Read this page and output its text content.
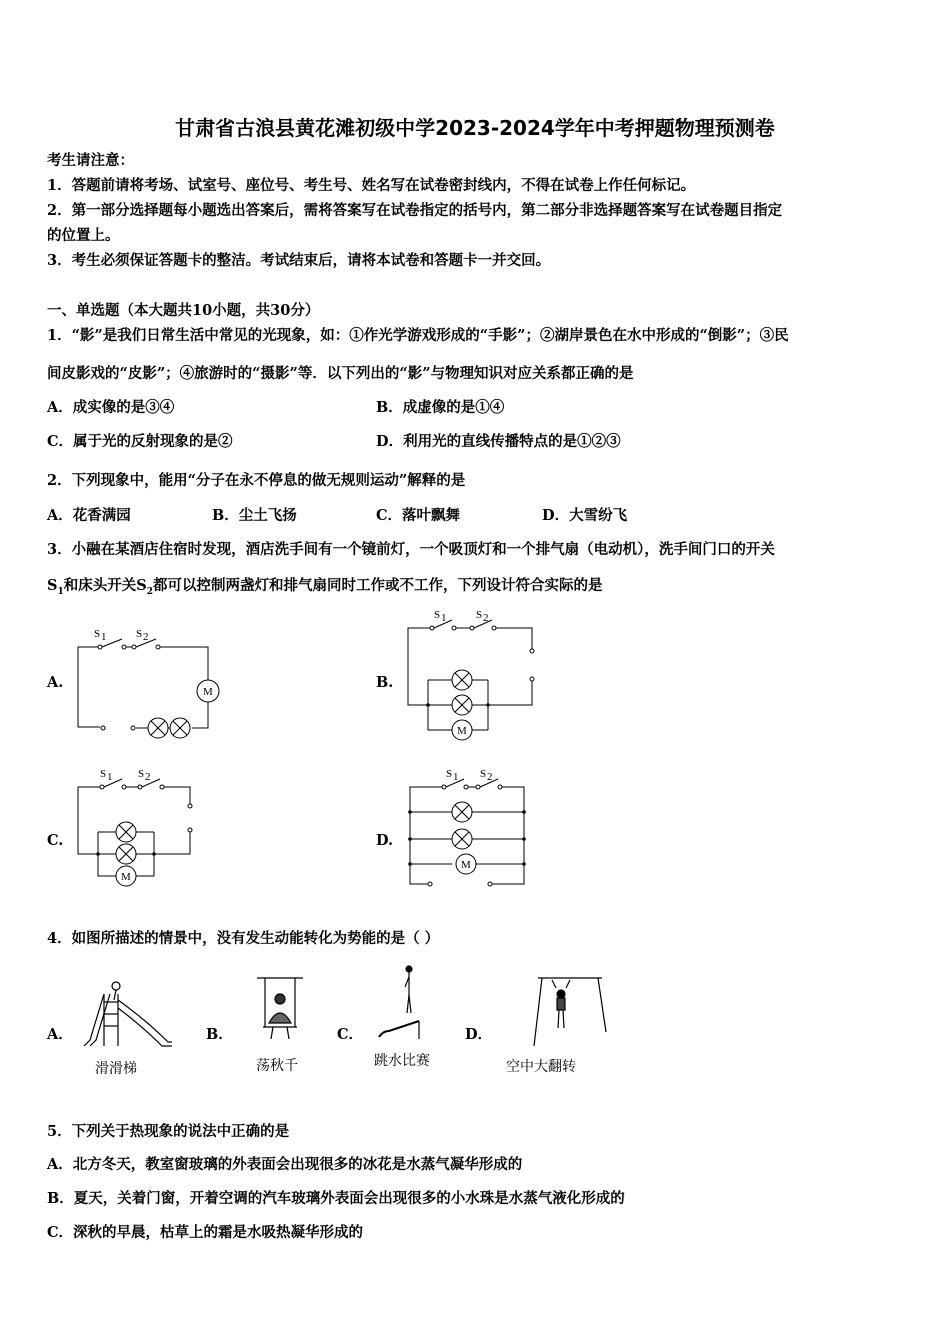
甘肃省古浪县黄花滩初级中学2023-2024学年中考押题物理预测卷
考生请注意：
1．答题前请将考场、试室号、座位号、考生号、姓名写在试卷密封线内，不得在试卷上作任何标记。
2．第一部分选择题每小题选出答案后，需将答案写在试卷指定的括号内，第二部分非选择题答案写在试卷题目指定
的位置上。
3．考生必须保证答题卡的整洁。考试结束后，请将本试卷和答题卡一并交回。
一、单选题（本大题共10小题，共30分）
1．“影”是我们日常生活中常见的光现象，如：①作光学游戏形成的“手影”；②湖岸景色在水中形成的“倒影”；③民
间皮影戏的“皮影”；④旅游时的“摄影”等．以下列出的“影”与物理知识对应关系都正确的是
A．成实像的是③④	B．成虚像的是①④
C．属于光的反射现象的是②	D．利用光的直线传播特点的是①②③
2．下列现象中，能用“分子在永不停息的做无规则运动”解释的是
A．花香满园	B．尘土飞扬	C．落叶飘舞	D．大雪纷飞
3．小融在某酒店住宿时发现，酒店洗手间有一个镜前灯，一个吸顶灯和一个排气扇（电动机），洗手间门口的开关
$S_1$和床头开关$S_2$都可以控制两盏灯和排气扇同时工作或不工作，下列设计符合实际的是
A.	B.
C.	D.
S 1	S 2
M
S 1	S 2
M
S 1 S 2
M
S 1 S 2
M
4．如图所描述的情景中，没有发生动能转化为势能的是（ ）
A．	B．	C．	D．
滑滑梯	荡秋千	跳水比赛	空中大翻转
5．下列关于热现象的说法中正确的是
A．北方冬天，教室窗玻璃的外表面会出现很多的冰花是水蒸气凝华形成的
B．夏天，关着门窗，开着空调的汽车玻璃外表面会出现很多的小水珠是水蒸气液化形成的
C．深秋的早晨，枯草上的霜是水吸热凝华形成的
